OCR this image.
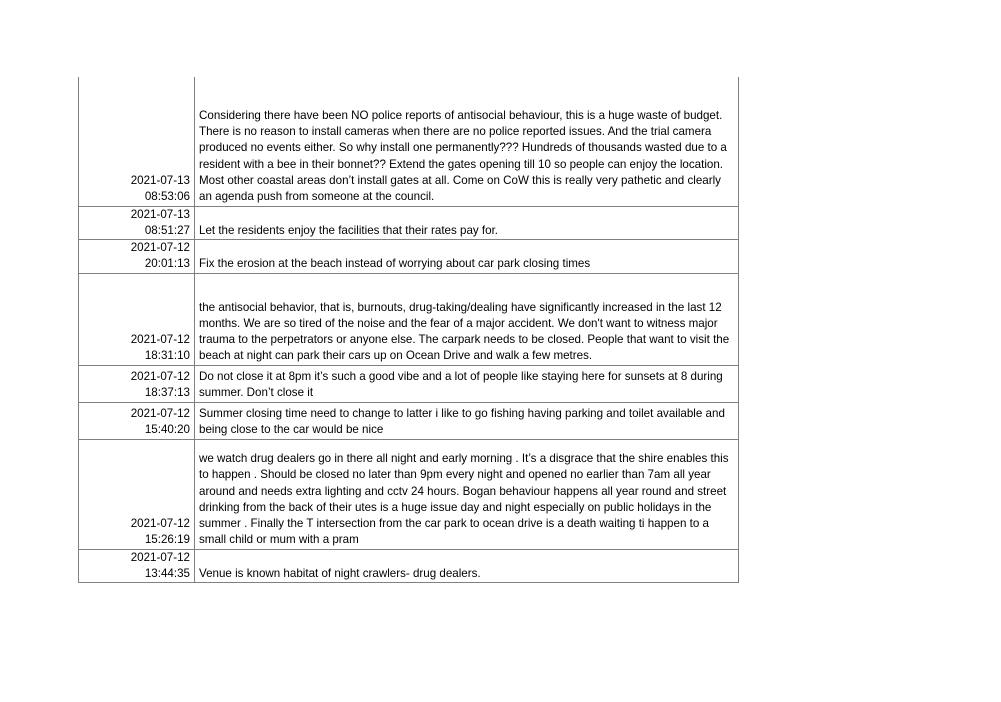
2021-07-13
08:53:06	Considering there have been NO police reports of antisocial behaviour, this is a huge waste of budget. There is no reason to install cameras when there are no police reported issues. And the trial camera produced no events either. So why install one permanently??? Hundreds of thousands wasted due to a resident with a bee in their bonnet?? Extend the gates opening till 10 so people can enjoy the location. Most other coastal areas don’t install gates at all. Come on CoW this is really very pathetic and clearly an agenda push from someone at the council.

2021-07-13
08:51:27	Let the residents enjoy the facilities that their rates pay for.

2021-07-12
20:01:13	Fix the erosion at the beach instead of worrying about car park closing times

2021-07-12
18:31:10	the antisocial behavior, that is, burnouts, drug-taking/dealing have significantly increased in the last 12 months. We are so tired of the noise and the fear of a major accident. We don't want to witness major trauma to the perpetrators or anyone else. The carpark needs to be closed. People that want to visit the beach at night can park their cars up on Ocean Drive and walk a few metres.

2021-07-12
18:37:13	Do not close it at 8pm it’s such a good vibe and a lot of people like staying here for sunsets at 8 during summer. Don’t close it

2021-07-12
15:40:20	Summer closing time need to change to latter i like to go fishing having parking and toilet available and being close to the car would be nice

2021-07-12
15:26:19	we watch drug dealers go in there all night and early morning . It’s a disgrace that the shire enables this to happen . Should be closed no later than 9pm every night and opened no earlier than 7am all year around and needs extra lighting and cctv 24 hours. Bogan behaviour happens all year round and street drinking from the back of their utes is a huge issue day and night especially on public holidays in the summer . Finally the T intersection from the car park to ocean drive is a death waiting ti happen to a small child or mum with a pram

2021-07-12
13:44:35	Venue is known habitat of night crawlers- drug dealers.
